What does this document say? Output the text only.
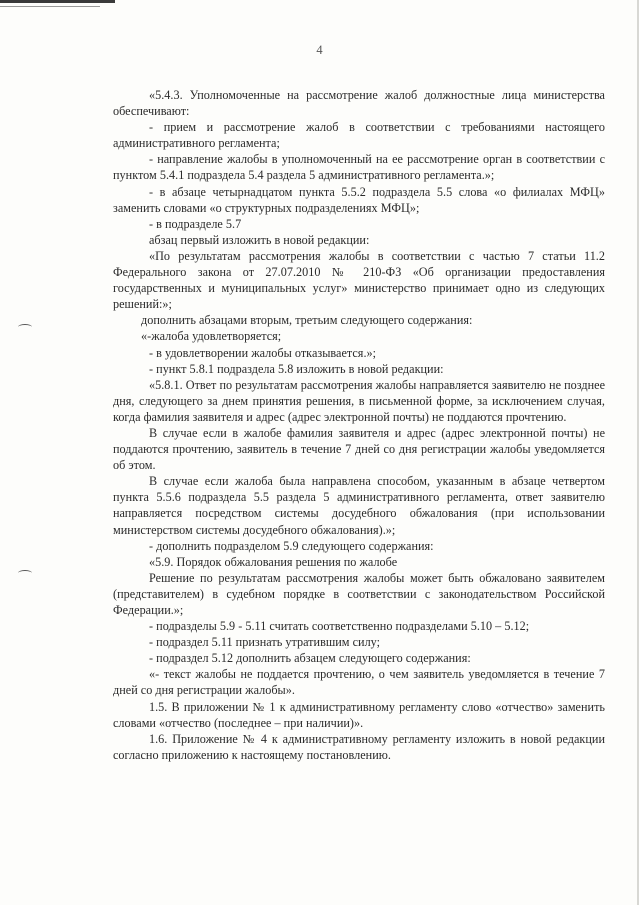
4

«5.4.3. Уполномоченные на рассмотрение жалоб должностные лица министерства обеспечивают:

- прием и рассмотрение жалоб в соответствии с требованиями настоящего административного регламента;

- направление жалобы в уполномоченный на ее рассмотрение орган в соответствии с пунктом 5.4.1 подраздела 5.4 раздела 5 административного регламента.»;

- в абзаце четырнадцатом пункта 5.5.2 подраздела 5.5 слова «о филиалах МФЦ» заменить словами «о структурных подразделениях МФЦ»;

- в подразделе 5.7

абзац первый изложить в новой редакции:

«По результатам рассмотрения жалобы в соответствии с частью 7 статьи 11.2 Федерального закона от 27.07.2010 № 210-ФЗ «Об организации предоставления государственных и муниципальных услуг» министерство принимает одно из следующих решений:»;

дополнить абзацами вторым, третьим следующего содержания:

«-жалоба удовлетворяется;

- в удовлетворении жалобы отказывается.»;

- пункт 5.8.1 подраздела 5.8 изложить в новой редакции:

«5.8.1. Ответ по результатам рассмотрения жалобы направляется заявителю не позднее дня, следующего за днем принятия решения, в письменной форме, за исключением случая, когда фамилия заявителя и адрес (адрес электронной почты) не поддаются прочтению.

В случае если в жалобе фамилия заявителя и адрес (адрес электронной почты) не поддаются прочтению, заявитель в течение 7 дней со дня регистрации жалобы уведомляется об этом.

В случае если жалоба была направлена способом, указанным в абзаце четвертом пункта 5.5.6 подраздела 5.5 раздела 5 административного регламента, ответ заявителю направляется посредством системы досудебного обжалования (при использовании министерством системы досудебного обжалования).»;

- дополнить подразделом 5.9 следующего содержания:

«5.9. Порядок обжалования решения по жалобе

Решение по результатам рассмотрения жалобы может быть обжаловано заявителем (представителем) в судебном порядке в соответствии с законодательством Российской Федерации.»;

- подразделы 5.9 - 5.11 считать соответственно подразделами 5.10 – 5.12;

- подраздел 5.11 признать утратившим силу;

- подраздел 5.12 дополнить абзацем следующего содержания:

«- текст жалобы не поддается прочтению, о чем заявитель уведомляется в течение 7 дней со дня регистрации жалобы».

1.5. В приложении № 1 к административному регламенту слово «отчество» заменить словами «отчество (последнее – при наличии)».

1.6. Приложение № 4 к административному регламенту изложить в новой редакции согласно приложению к настоящему постановлению.
